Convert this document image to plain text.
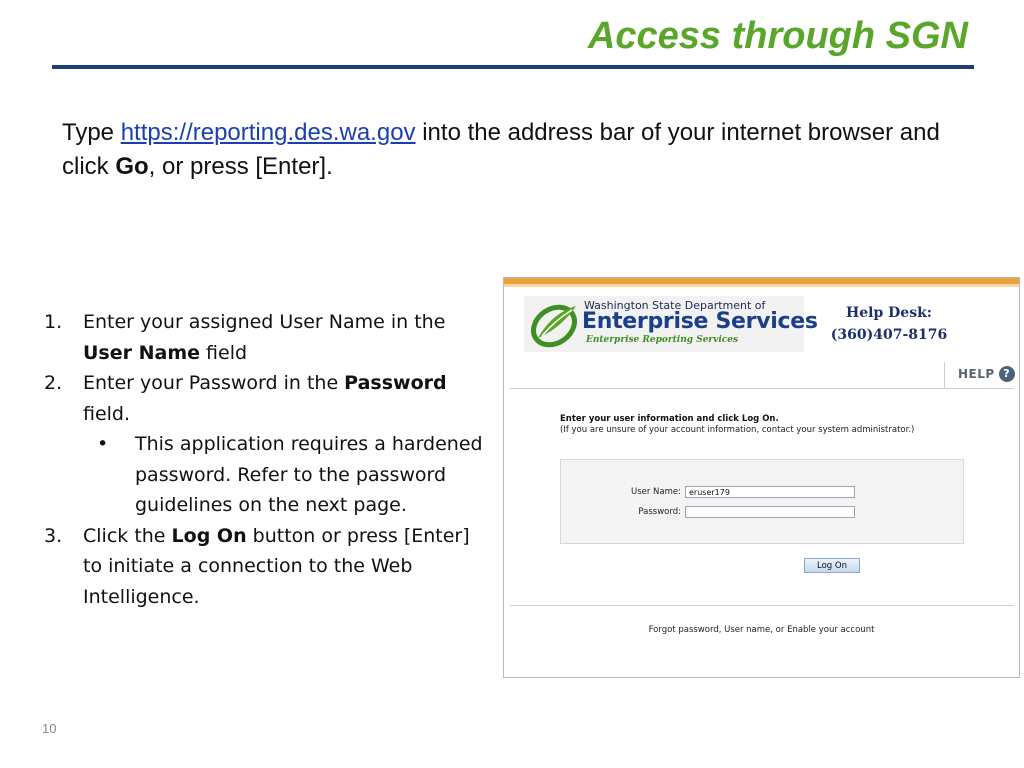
Access through SGN

Type https://reporting.des.wa.gov into the address bar of your internet browser and click Go, or press [Enter].

1. Enter your assigned User Name in the User Name field
2. Enter your Password in the Password field.
• This application requires a hardened password. Refer to the password guidelines on the next page.
3. Click the Log On button or press [Enter] to initiate a connection to the Web Intelligence.
Washington State Department of
Enterprise Services
Enterprise Reporting Services
Help Desk:
(360)407-8176
HELP ?
Enter your user information and click Log On.
(If you are unsure of your account information, contact your system administrator.)
User Name:
eruser179
Password:
Log On
Forgot password, User name, or Enable your account
10
